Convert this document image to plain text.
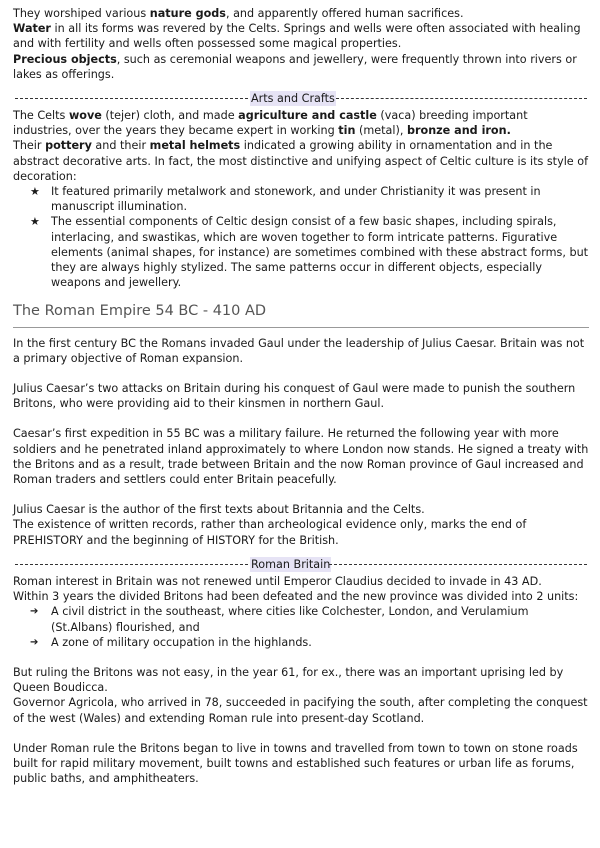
They worshiped various nature gods, and apparently offered human sacrifices.

Water in all its forms was revered by the Celts. Springs and wells were often associated with healing and with fertility and wells often possessed some magical properties.

Precious objects, such as ceremonial weapons and jewellery, were frequently thrown into rivers or lakes as offerings.

Arts and Crafts

The Celts wove (tejer) cloth, and made agriculture and castle (vaca) breeding important industries, over the years they became expert in working tin (metal), bronze and iron.

Their pottery and their metal helmets indicated a growing ability in ornamentation and in the abstract decorative arts. In fact, the most distinctive and unifying aspect of Celtic culture is its style of decoration:

★ It featured primarily metalwork and stonework, and under Christianity it was present in manuscript illumination.
★ The essential components of Celtic design consist of a few basic shapes, including spirals, interlacing, and swastikas, which are woven together to form intricate patterns. Figurative elements (animal shapes, for instance) are sometimes combined with these abstract forms, but they are always highly stylized. The same patterns occur in different objects, especially weapons and jewellery.
The Roman Empire 54 BC - 410 AD

In the first century BC the Romans invaded Gaul under the leadership of Julius Caesar. Britain was not a primary objective of Roman expansion.

Julius Caesar’s two attacks on Britain during his conquest of Gaul were made to punish the southern Britons, who were providing aid to their kinsmen in northern Gaul.

Caesar’s first expedition in 55 BC was a military failure. He returned the following year with more soldiers and he penetrated inland approximately to where London now stands. He signed a treaty with the Britons and as a result, trade between Britain and the now Roman province of Gaul increased and Roman traders and settlers could enter Britain peacefully.

Julius Caesar is the author of the first texts about Britannia and the Celts.

The existence of written records, rather than archeological evidence only, marks the end of PREHISTORY and the beginning of HISTORY for the British.

Roman Britain

Roman interest in Britain was not renewed until Emperor Claudius decided to invade in 43 AD.

Within 3 years the divided Britons had been defeated and the new province was divided into 2 units:

➔ A civil district in the southeast, where cities like Colchester, London, and Verulamium (St.Albans) flourished, and
➔ A zone of military occupation in the highlands.

But ruling the Britons was not easy, in the year 61, for ex., there was an important uprising led by Queen Boudicca.

Governor Agricola, who arrived in 78, succeeded in pacifying the south, after completing the conquest of the west (Wales) and extending Roman rule into present-day Scotland.

Under Roman rule the Britons began to live in towns and travelled from town to town on stone roads built for rapid military movement, built towns and established such features or urban life as forums, public baths, and amphitheaters.
